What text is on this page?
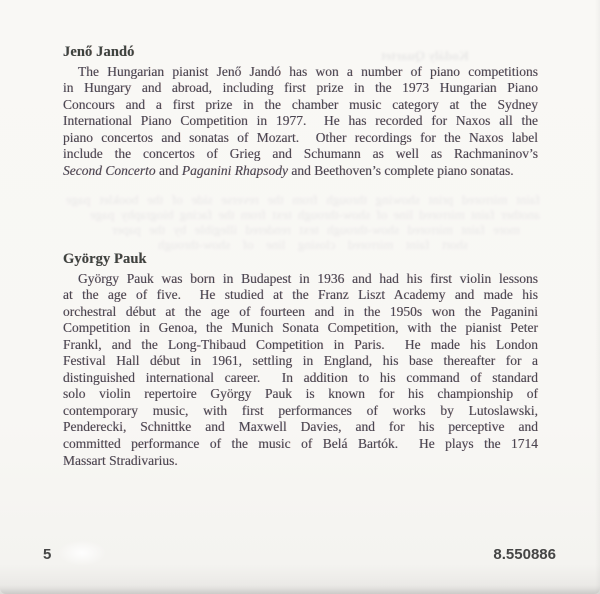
Kodály Quartet
faint mirrored print showing through from the reverse side of the booklet page
another faint mirrored line of show-through text from the facing biography page
more faint mirrored show-through text rendered illegible by the paper
short faint mirrored closing line of show-through
Jenő Jandó
The Hungarian pianist Jenő Jandó has won a number of piano competitions
in Hungary and abroad, including first prize in the 1973 Hungarian Piano
Concours and a first prize in the chamber music category at the Sydney
International Piano Competition in 1977.  He has recorded for Naxos all the
piano concertos and sonatas of Mozart.  Other recordings for the Naxos label
include the concertos of Grieg and Schumann as well as Rachmaninov’s
Second Concerto and Paganini Rhapsody and Beethoven’s complete piano sonatas.
György Pauk
György Pauk was born in Budapest in 1936 and had his first violin lessons
at the age of five.  He studied at the Franz Liszt Academy and made his
orchestral début at the age of fourteen and in the 1950s won the Paganini
Competition in Genoa, the Munich Sonata Competition, with the pianist Peter
Frankl, and the Long-Thibaud Competition in Paris.  He made his London
Festival Hall début in 1961, settling in England, his base thereafter for a
distinguished international career.  In addition to his command of standard
solo violin repertoire György Pauk is known for his championship of
contemporary music, with first performances of works by Lutoslawski,
Penderecki, Schnittke and Maxwell Davies, and for his perceptive and
committed performance of the music of Belá Bartók.  He plays the 1714
Massart Stradivarius.
5	8.550886
